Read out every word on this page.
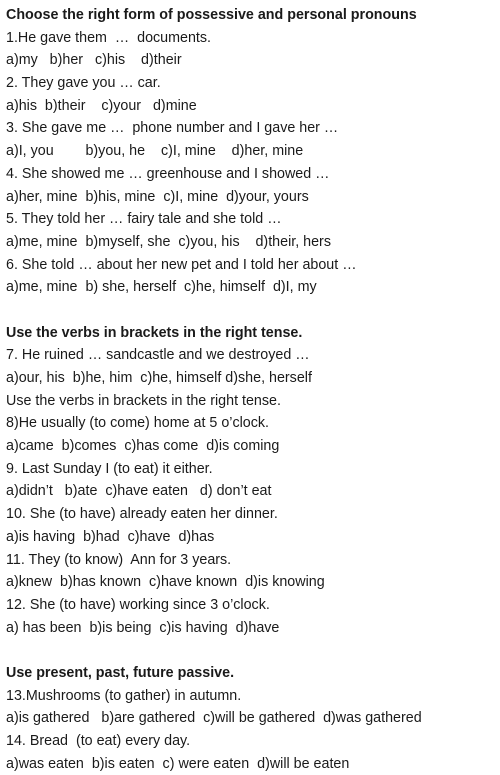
Choose the right form of possessive and personal pronouns
1.He gave them  …  documents.
a)my   b)her   c)his    d)their
2. They gave you … car.
a)his  b)their    c)your   d)mine
3. She gave me …  phone number and I gave her …
a)I, you        b)you, he    c)I, mine    d)her, mine
4. She showed me … greenhouse and I showed …
a)her, mine  b)his, mine  c)I, mine  d)your, yours
5. They told her … fairy tale and she told …
a)me, mine  b)myself, she  c)you, his    d)their, hers
6. She told … about her new pet and I told her about …
a)me, mine  b) she, herself  c)he, himself  d)I, my
Use the verbs in brackets in the right tense.
7. He ruined … sandcastle and we destroyed …
a)our, his  b)he, him  c)he, himself d)she, herself
Use the verbs in brackets in the right tense.
8)He usually (to come) home at 5 o’clock.
a)came  b)comes  c)has come  d)is coming
9. Last Sunday I (to eat) it either.
a)didn’t   b)ate  c)have eaten   d) don’t eat
10. She (to have) already eaten her dinner.
a)is having  b)had  c)have  d)has
11. They (to know)  Ann for 3 years.
a)knew  b)has known  c)have known  d)is knowing
12. She (to have) working since 3 o’clock.
a) has been  b)is being  c)is having  d)have
Use present, past, future passive.
13.Mushrooms (to gather) in autumn.
a)is gathered   b)are gathered  c)will be gathered  d)was gathered
14. Bread  (to eat) every day.
a)was eaten  b)is eaten  c) were eaten  d)will be eaten
